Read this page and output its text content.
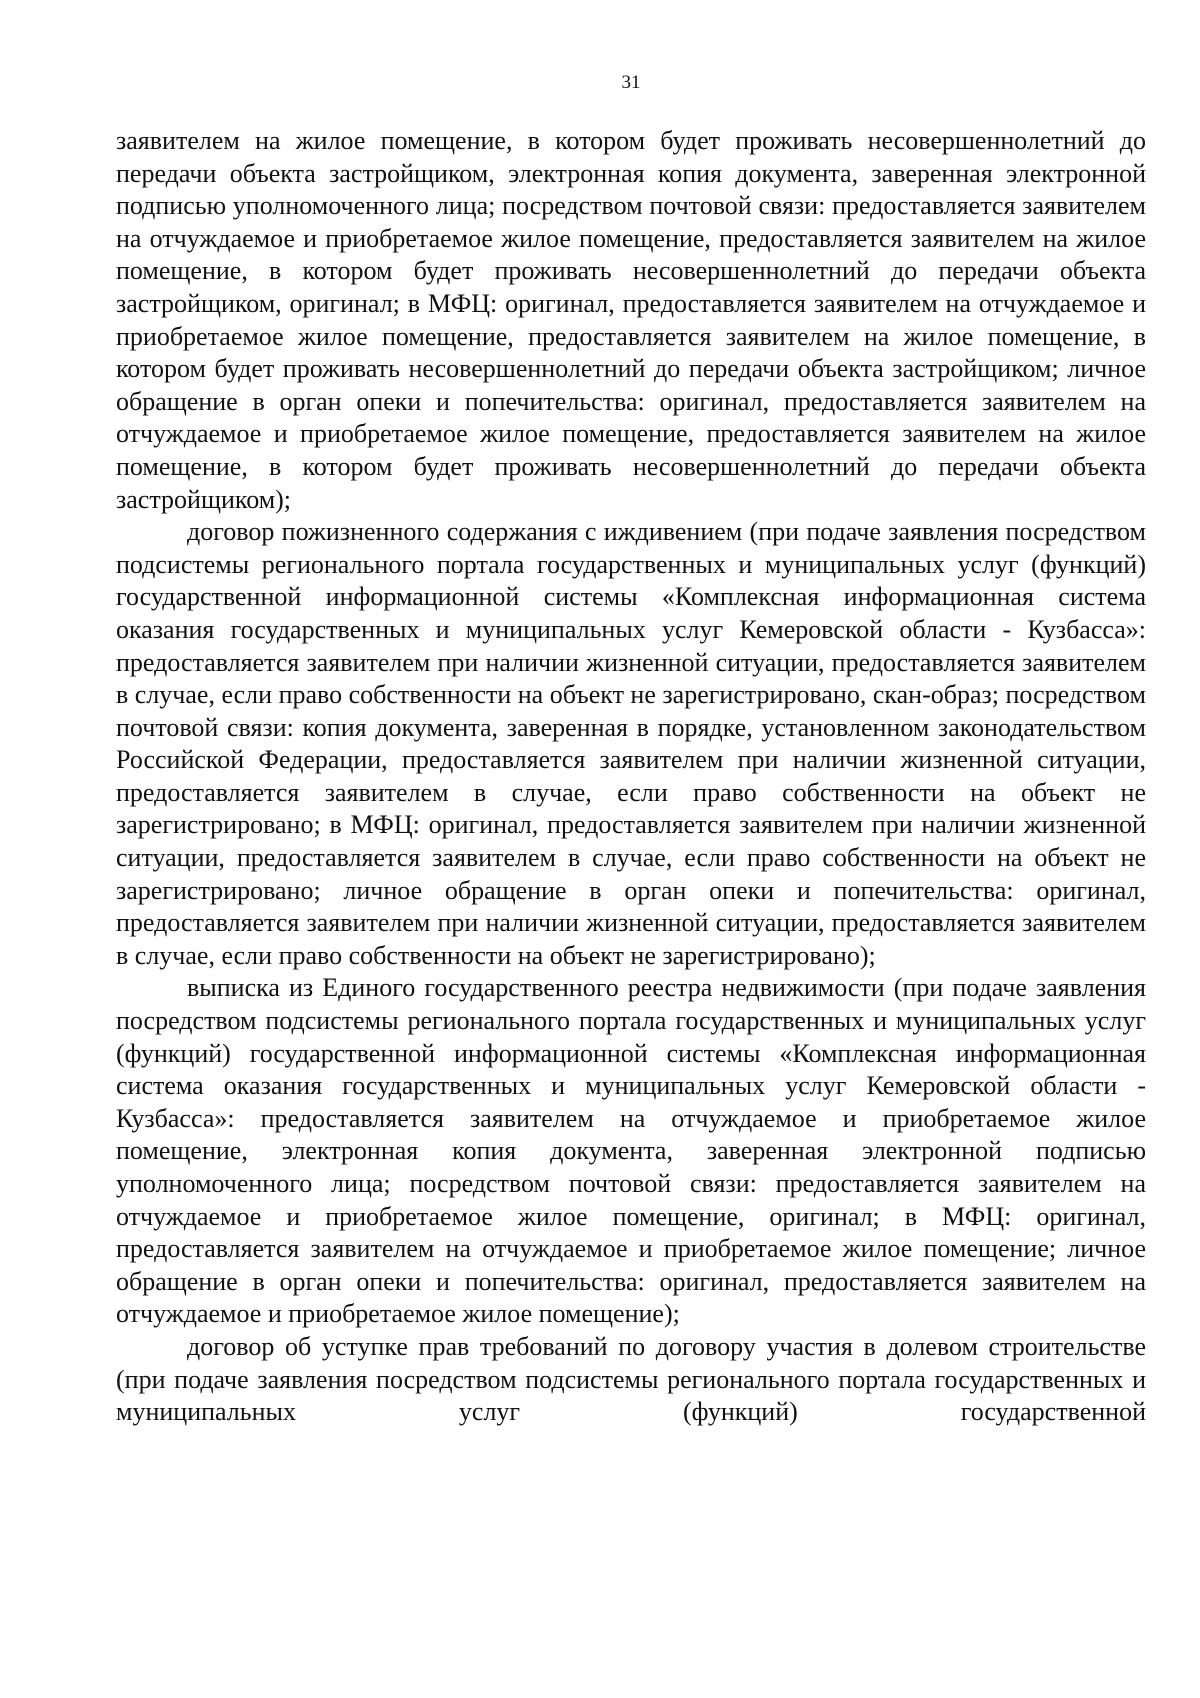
31

заявителем на жилое помещение, в котором будет проживать несовершеннолетний до передачи объекта застройщиком, электронная копия документа, заверенная электронной подписью уполномоченного лица; посредством почтовой связи: предоставляется заявителем на отчуждаемое и приобретаемое жилое помещение, предоставляется заявителем на жилое помещение, в котором будет проживать несовершеннолетний до передачи объекта застройщиком, оригинал; в МФЦ: оригинал, предоставляется заявителем на отчуждаемое и приобретаемое жилое помещение, предоставляется заявителем на жилое помещение, в котором будет проживать несовершеннолетний до передачи объекта застройщиком; личное обращение в орган опеки и попечительства: оригинал, предоставляется заявителем на отчуждаемое и приобретаемое жилое помещение, предоставляется заявителем на жилое помещение, в котором будет проживать несовершеннолетний до передачи объекта застройщиком);

договор пожизненного содержания с иждивением (при подаче заявления посредством подсистемы регионального портала государственных и муниципальных услуг (функций) государственной информационной системы «Комплексная информационная система оказания государственных и муниципальных услуг Кемеровской области - Кузбасса»: предоставляется заявителем при наличии жизненной ситуации, предоставляется заявителем в случае, если право собственности на объект не зарегистрировано, скан-образ; посредством почтовой связи: копия документа, заверенная в порядке, установленном законодательством Российской Федерации, предоставляется заявителем при наличии жизненной ситуации, предоставляется заявителем в случае, если право собственности на объект не зарегистрировано; в МФЦ: оригинал, предоставляется заявителем при наличии жизненной ситуации, предоставляется заявителем в случае, если право собственности на объект не зарегистрировано; личное обращение в орган опеки и попечительства: оригинал, предоставляется заявителем при наличии жизненной ситуации, предоставляется заявителем в случае, если право собственности на объект не зарегистрировано);

выписка из Единого государственного реестра недвижимости (при подаче заявления посредством подсистемы регионального портала государственных и муниципальных услуг (функций) государственной информационной системы «Комплексная информационная система оказания государственных и муниципальных услуг Кемеровской области - Кузбасса»: предоставляется заявителем на отчуждаемое и приобретаемое жилое помещение, электронная копия документа, заверенная электронной подписью уполномоченного лица; посредством почтовой связи: предоставляется заявителем на отчуждаемое и приобретаемое жилое помещение, оригинал; в МФЦ: оригинал, предоставляется заявителем на отчуждаемое и приобретаемое жилое помещение; личное обращение в орган опеки и попечительства: оригинал, предоставляется заявителем на отчуждаемое и приобретаемое жилое помещение);

договор об уступке прав требований по договору участия в долевом строительстве (при подаче заявления посредством подсистемы регионального портала государственных и муниципальных услуг (функций) государственной
